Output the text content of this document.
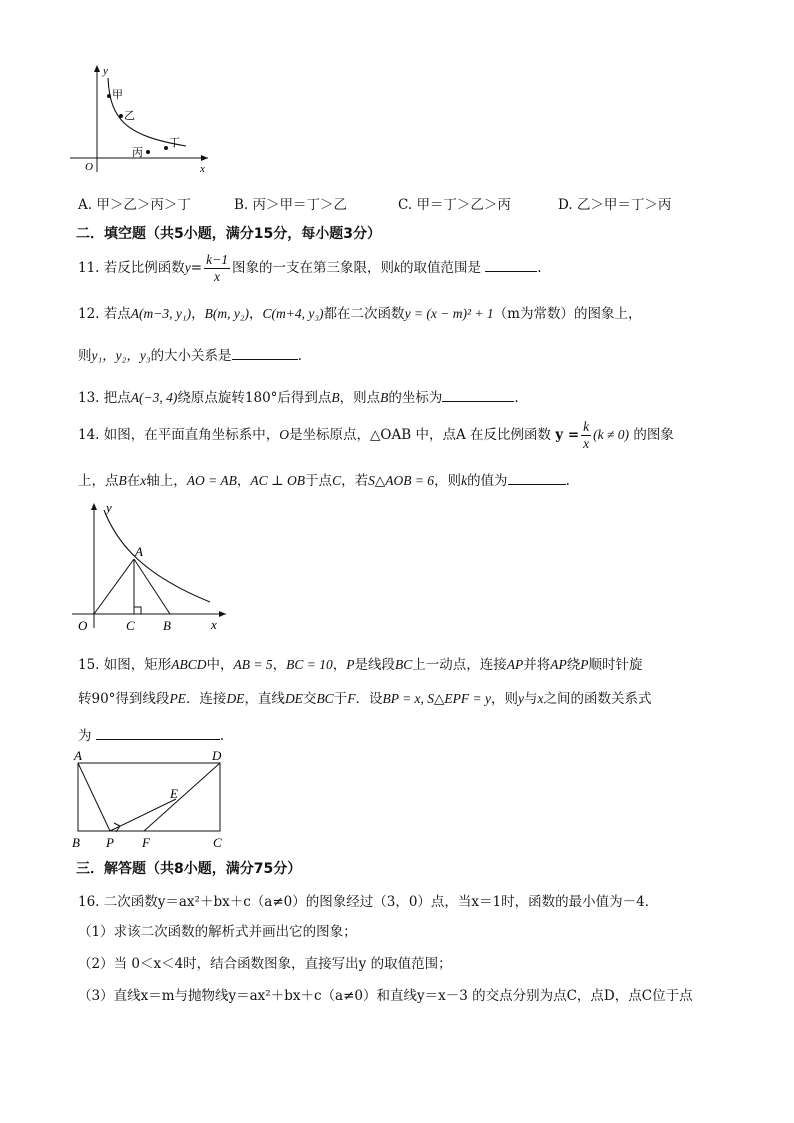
y
x
O
甲
乙
丙
丁
A. 甲＞乙＞丙＞丁	B. 丙＞甲＝丁＞乙	C. 甲＝丁＞乙＞丙	D. 乙＞甲＝丁＞丙
二．填空题（共5小题，满分15分，每小题3分）
11. 若反比例函数$y= \frac{k-1}{x}$ 图象的一支在第三象限，则k的取值范围是	.
12. 若点A(m−3, y₁)，B(m, y₂)，C(m+4, y₃)都在二次函数y = (x − m)² + 1（m为常数）的图象上，
则y₁，y₂，y₃的大小关系是	.
13. 把点A(−3, 4)绕原点旋转180°后得到点B，则点B的坐标为	.
14. 如图，在平面直角坐标系中，O是坐标原点，△OAB 中，点A 在反比例函数 $y = \frac{k}{x} (k \ne 0)$ 的图象
上，点B在x轴上，AO = AB，AC ⊥ OB于点C，若S△AOB = 6，则k的值为	.
y
x
O
A
C B
15. 如图，矩形ABCD中，AB = 5，BC = 10，P是线段BC上一动点，连接AP并将AP绕P顺时针旋
转90°得到线段PE．连接DE，直线DE交BC于F．设BP = x, S△EPF = y，则y与x之间的函数关系式
为	.
A	D
E
B P F	C
三．解答题（共8小题，满分75分）
16. 二次函数y＝ax²＋bx＋c（a≠0）的图象经过（3，0）点，当x＝1时，函数的最小值为－4．
（1）求该二次函数的解析式并画出它的图象；
（2）当 0＜x＜4时，结合函数图象，直接写出y 的取值范围；
（3）直线x＝m与抛物线y＝ax²＋bx＋c（a≠0）和直线y＝x－3 的交点分别为点C，点D，点C位于点
